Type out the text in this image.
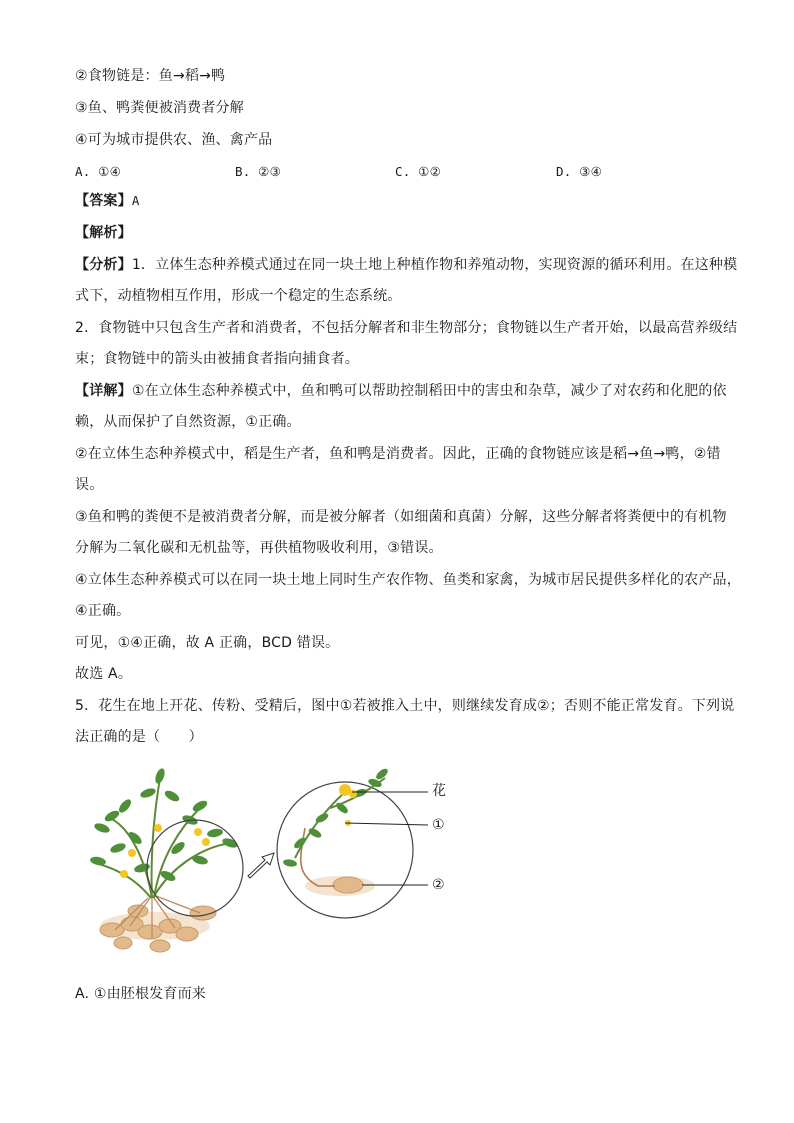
②食物链是：鱼→稻→鸭
③鱼、鸭粪便被消费者分解
④可为城市提供农、渔、禽产品
A. ①④	B. ②③	C. ①②	D. ③④
【答案】A
【解析】
【分析】1．立体生态种养模式通过在同一块土地上种植作物和养殖动物，实现资源的循环利用。在这种模
式下，动植物相互作用，形成一个稳定的生态系统。
2．食物链中只包含生产者和消费者，不包括分解者和非生物部分；食物链以生产者开始，以最高营养级结
束；食物链中的箭头由被捕食者指向捕食者。
【详解】①在立体生态种养模式中，鱼和鸭可以帮助控制稻田中的害虫和杂草，减少了对农药和化肥的依
赖，从而保护了自然资源，①正确。
②在立体生态种养模式中，稻是生产者，鱼和鸭是消费者。因此，正确的食物链应该是稻→鱼→鸭，②错
误。
③鱼和鸭的粪便不是被消费者分解，而是被分解者（如细菌和真菌）分解，这些分解者将粪便中的有机物
分解为二氧化碳和无机盐等，再供植物吸收利用，③错误。
④立体生态种养模式可以在同一块土地上同时生产农作物、鱼类和家禽，为城市居民提供多样化的农产品，
④正确。
可见，①④正确，故 A 正确，BCD 错误。
故选 A。
5．花生在地上开花、传粉、受精后，图中①若被推入土中，则继续发育成②；否则不能正常发育。下列说
法正确的是（　　）
花
①
②
A. ①由胚根发育而来
